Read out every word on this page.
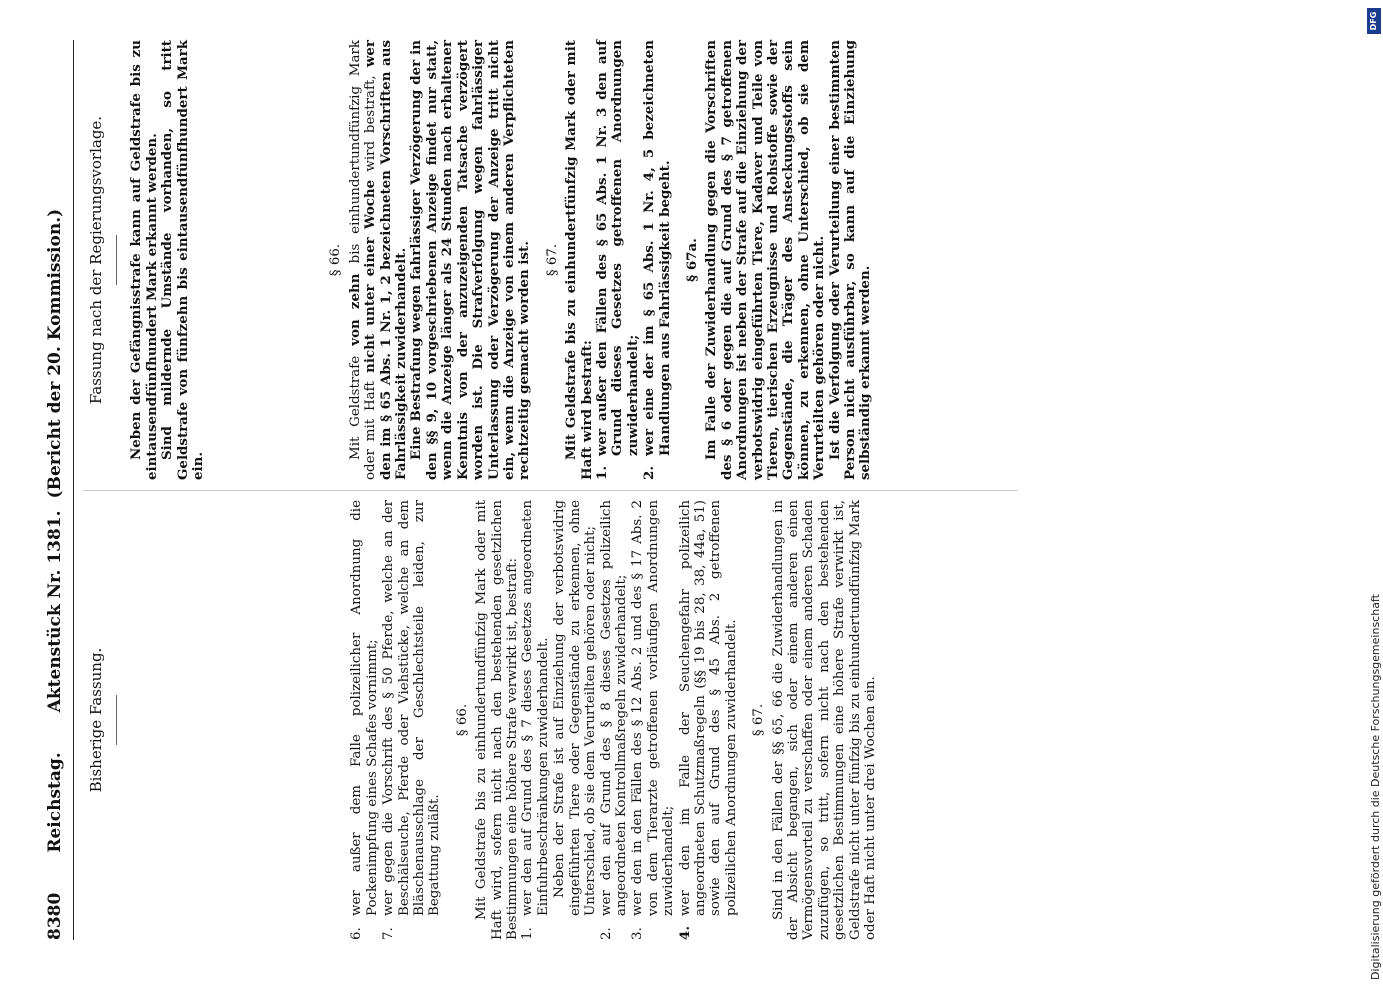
8380
Reichstag.
Aktenstück Nr. 1381.
(Bericht der 20. Kommission.)
Bisherige Fassung.
6.
wer außer dem Falle polizeilicher Anordnung die Pockenimpfung eines Schafes vornimmt;
7.
wer gegen die Vorschrift des § 50 Pferde, welche an der Beschälseuche, Pferde oder Viehstücke, welche an dem Bläschenausschlage der Geschlechtsteile leiden, zur Begattung zuläßt.
§ 66. Mit Geldstrafe bis zu einhundertundfünfzig Mark oder mit Haft wird, sofern nicht nach den bestehenden gesetzlichen Bestimmungen eine höhere Strafe verwirkt ist, bestraft: 1.
wer den auf Grund des § 7 dieses Gesetzes angeordneten Einfuhrbeschränkungen zuwiderhandelt. Neben der Strafe ist auf Einziehung der verbotswidrig eingeführten Tiere oder Gegenstände zu erkennen, ohne Unterschied, ob sie dem Verurteilten gehören oder nicht;

2.
wer den auf Grund des § 8 dieses Gesetzes polizeilich angeordneten Kontrollmaßregeln zuwiderhandelt;
3.
wer den in den Fällen des § 12 Abs. 2 und des § 17 Abs. 2 von dem Tierarzte getroffenen vorläufigen Anordnungen zuwiderhandelt;
4.
wer den im Falle der Seuchengefahr polizeilich angeordneten Schutzmaßregeln (§§ 19 bis 28, 38, 44a, 51) sowie den auf Grund des § 45 Abs. 2 getroffenen polizeilichen Anordnungen zuwiderhandelt. § 67. Sind in den Fällen der §§ 65, 66 die Zuwiderhandlungen in der Absicht begangen, sich oder einem anderen einen Vermögensvorteil zu verschaffen oder einem anderen Schaden zuzufügen, so tritt, sofern nicht nach den bestehenden gesetzlichen Bestimmungen eine höhere Strafe verwirkt ist, Geldstrafe nicht unter fünfzig bis zu einhundertundfünfzig Mark oder Haft nicht unter drei Wochen ein.

Fassung nach der Regierungsvorlage. Neben der Gefängnisstrafe kann auf Geldstrafe bis zu eintausendfünfhundert Mark erkannt werden. Sind mildernde Umstände vorhanden, so tritt Geldstrafe von fünfzehn bis eintausendfünfhundert Mark ein.

§ 66.

Mit Geldstrafe von zehn bis einhundertundfünfzig Mark oder mit Haft nicht unter einer Woche wird bestraft, wer den im § 65 Abs. 1 Nr. 1, 2 bezeichneten Vorschriften aus Fahrlässigkeit zuwiderhandelt. Eine Bestrafung wegen fahrlässiger Verzögerung der in den §§ 9, 10 vorgeschriebenen Anzeige findet nur statt, wenn die Anzeige länger als 24 Stunden nach erhaltener Kenntnis von der anzuzeigenden Tatsache verzögert worden ist. Die Strafverfolgung wegen fahrlässiger Unterlassung oder Verzögerung der Anzeige tritt nicht ein, wenn die Anzeige von einem anderen Verpflichteten rechtzeitig gemacht worden ist. § 67. Mit Geldstrafe bis zu einhundertfünfzig Mark oder mit Haft wird bestraft: 1.
wer außer den Fällen des § 65 Abs. 1 Nr. 3 den auf Grund dieses Gesetzes getroffenen Anordnungen zuwiderhandelt;
2.
wer eine der im § 65 Abs. 1 Nr. 4, 5 bezeichneten Handlungen aus Fahrlässigkeit begeht. § 67a. Im Falle der Zuwiderhandlung gegen die Vorschriften des § 6 oder gegen die auf Grund des § 7 getroffenen Anordnungen ist neben der Strafe auf die Einziehung der verbotswidrig eingeführten Tiere, Kadaver und Teile von Tieren, tierischen Erzeugnisse und Rohstoffe sowie der Gegenstände, die Träger des Ansteckungsstoffs sein können, zu erkennen, ohne Unterschied, ob sie dem Verurteilten gehören oder nicht. Ist die Verfolgung oder Verurteilung einer bestimmten Person nicht ausführbar, so kann auf die Einziehung selbständig erkannt werden.

DFG
Digitalisierung gefördert durch die Deutsche Forschungsgemeinschaft
